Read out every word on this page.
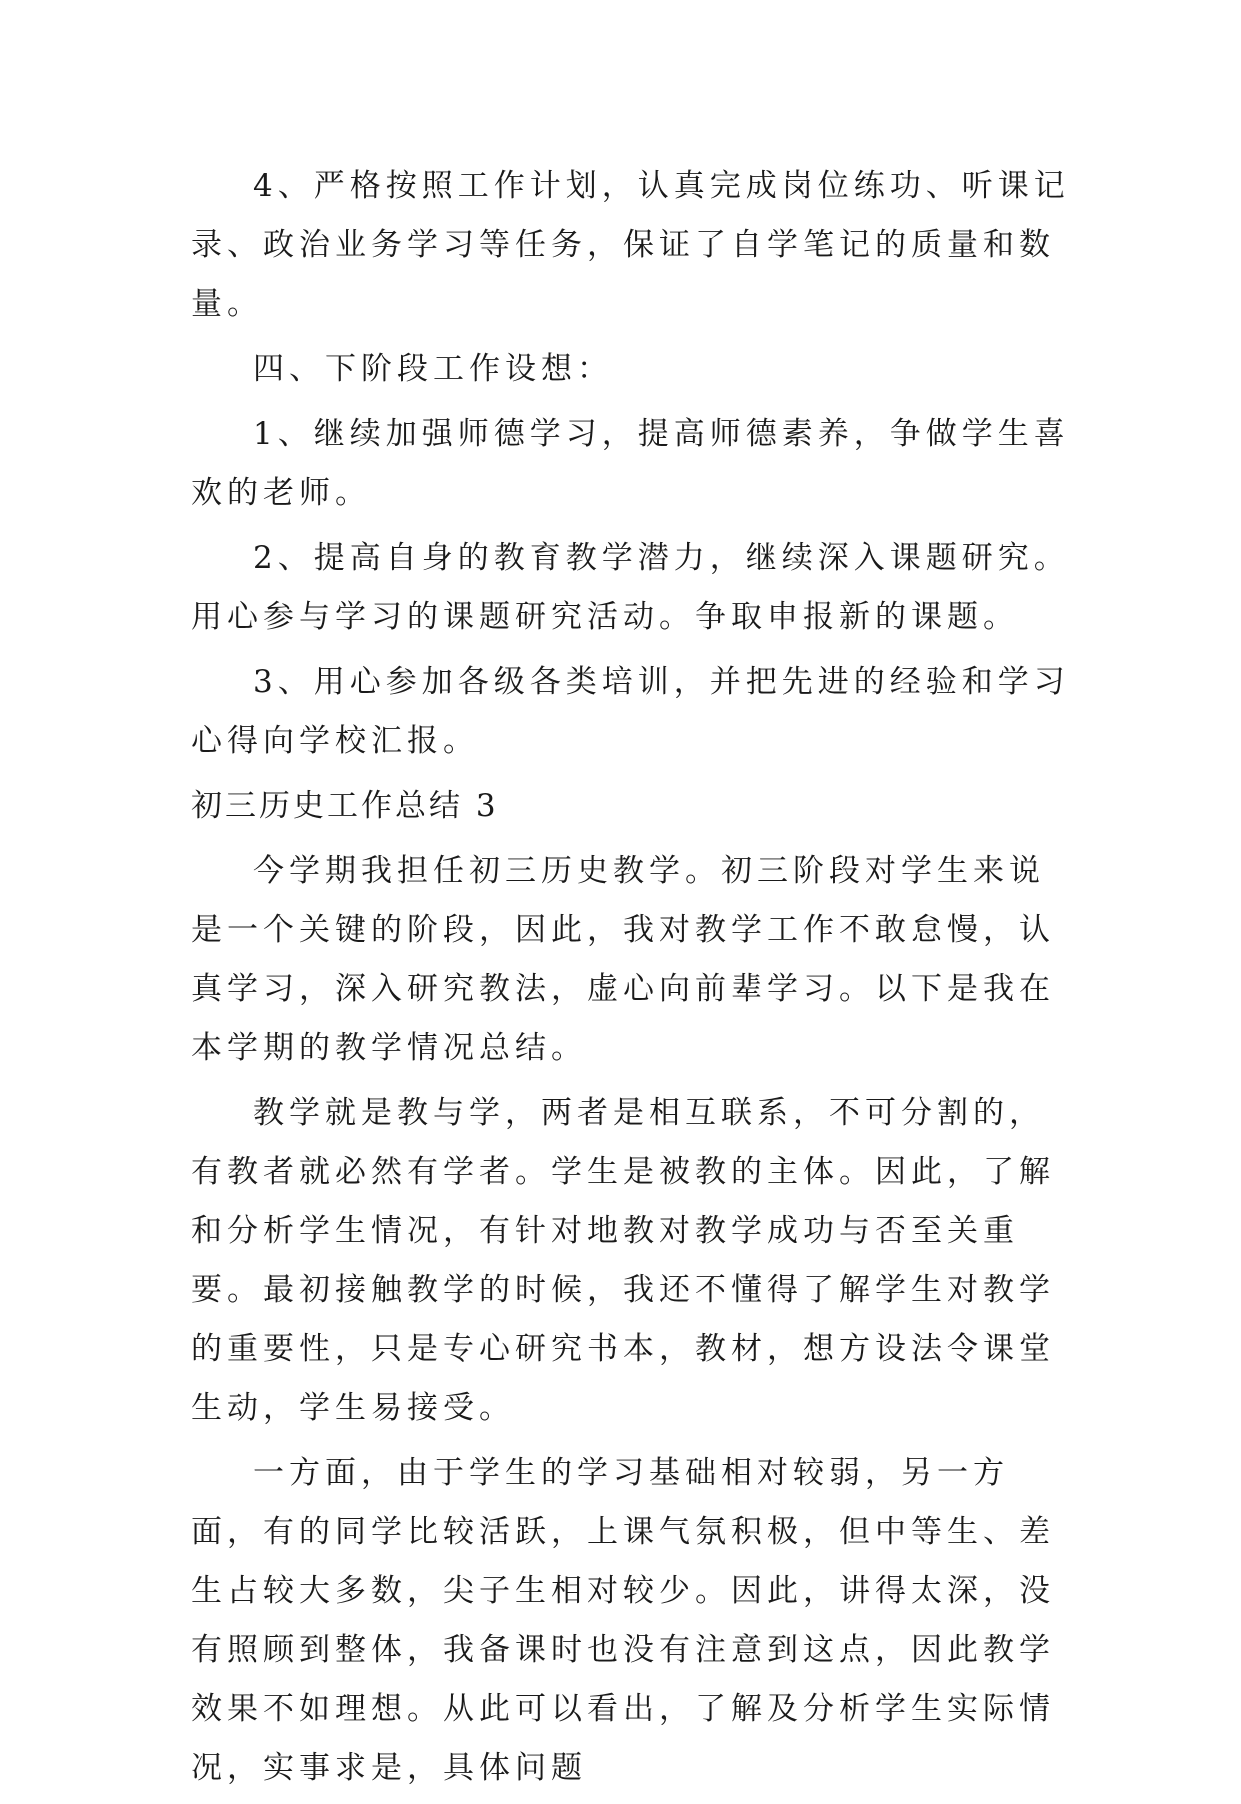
4、严格按照工作计划，认真完成岗位练功、听课记录、政治业务学习等任务，保证了自学笔记的质量和数量。

四、下阶段工作设想：

1、继续加强师德学习，提高师德素养，争做学生喜欢的老师。

2、提高自身的教育教学潜力，继续深入课题研究。用心参与学习的课题研究活动。争取申报新的课题。

3、用心参加各级各类培训，并把先进的经验和学习心得向学校汇报。

初三历史工作总结 3

今学期我担任初三历史教学。初三阶段对学生来说是一个关键的阶段，因此，我对教学工作不敢怠慢，认真学习，深入研究教法，虚心向前辈学习。以下是我在本学期的教学情况总结。

教学就是教与学，两者是相互联系，不可分割的，有教者就必然有学者。学生是被教的主体。因此，了解和分析学生情况，有针对地教对教学成功与否至关重要。最初接触教学的时候，我还不懂得了解学生对教学的重要性，只是专心研究书本，教材，想方设法令课堂生动，学生易接受。

一方面，由于学生的学习基础相对较弱，另一方面，有的同学比较活跃，上课气氛积极，但中等生、差生占较大多数，尖子生相对较少。因此，讲得太深，没有照顾到整体，我备课时也没有注意到这点，因此教学效果不如理想。从此可以看出，了解及分析学生实际情况，实事求是，具体问题
